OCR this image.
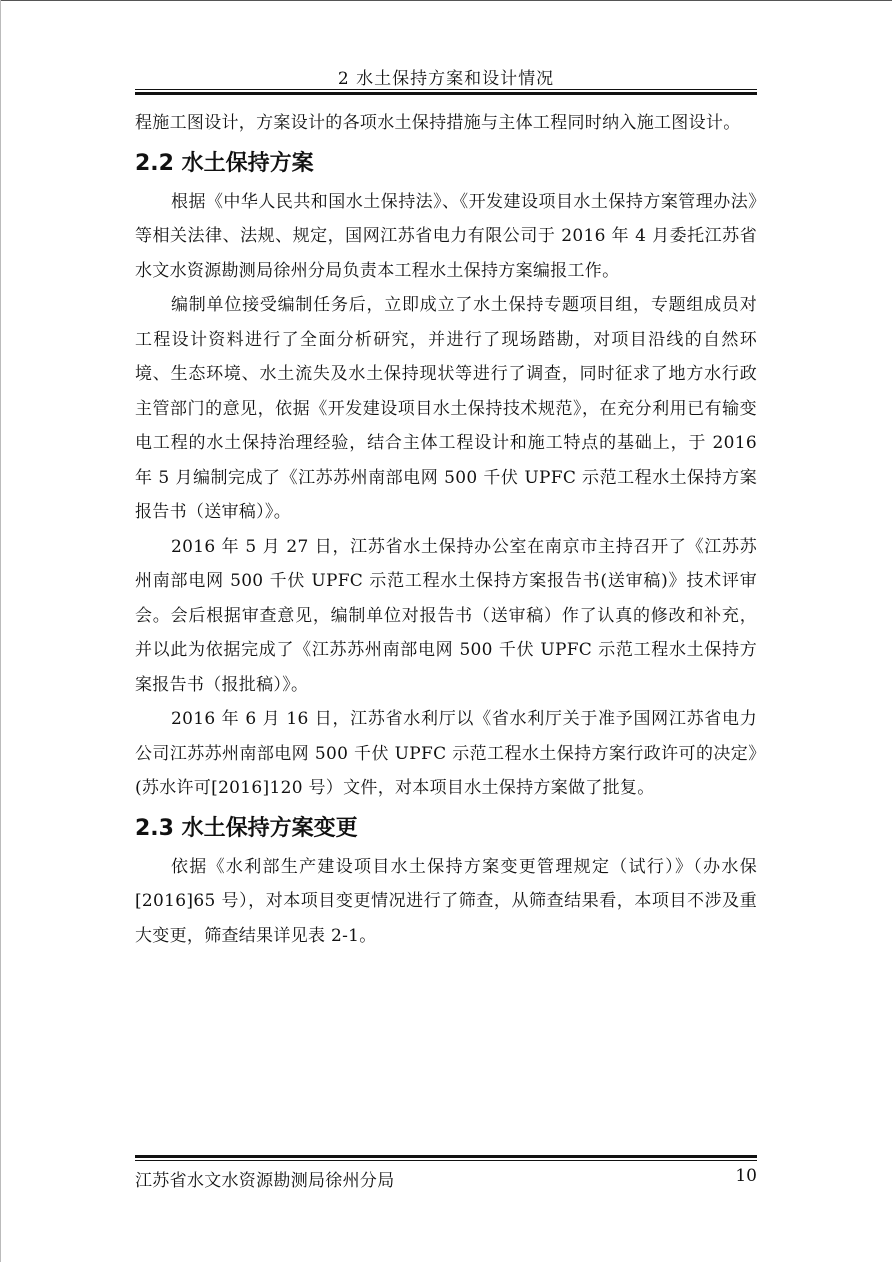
2 水土保持方案和设计情况

程施工图设计，方案设计的各项水土保持措施与主体工程同时纳入施工图设计。

2.2 水土保持方案

根据《中华人民共和国水土保持法》、《开发建设项目水土保持方案管理办法》等相关法律、法规、规定，国网江苏省电力有限公司于 2016 年 4 月委托江苏省水文水资源勘测局徐州分局负责本工程水土保持方案编报工作。

编制单位接受编制任务后，立即成立了水土保持专题项目组，专题组成员对工程设计资料进行了全面分析研究，并进行了现场踏勘，对项目沿线的自然环境、生态环境、水土流失及水土保持现状等进行了调查，同时征求了地方水行政主管部门的意见，依据《开发建设项目水土保持技术规范》，在充分利用已有输变电工程的水土保持治理经验，结合主体工程设计和施工特点的基础上，于 2016 年 5 月编制完成了《江苏苏州南部电网 500 千伏 UPFC 示范工程水土保持方案报告书（送审稿）》。

2016 年 5 月 27 日，江苏省水土保持办公室在南京市主持召开了《江苏苏州南部电网 500 千伏 UPFC 示范工程水土保持方案报告书(送审稿)》技术评审会。会后根据审查意见，编制单位对报告书（送审稿）作了认真的修改和补充，并以此为依据完成了《江苏苏州南部电网 500 千伏 UPFC 示范工程水土保持方案报告书（报批稿）》。

2016 年 6 月 16 日，江苏省水利厅以《省水利厅关于准予国网江苏省电力公司江苏苏州南部电网 500 千伏 UPFC 示范工程水土保持方案行政许可的决定》(苏水许可[2016]120 号）文件，对本项目水土保持方案做了批复。

2.3 水土保持方案变更

依据《水利部生产建设项目水土保持方案变更管理规定（试行）》（办水保[2016]65 号），对本项目变更情况进行了筛查，从筛查结果看，本项目不涉及重大变更，筛查结果详见表 2-1。

江苏省水文水资源勘测局徐州分局	10
